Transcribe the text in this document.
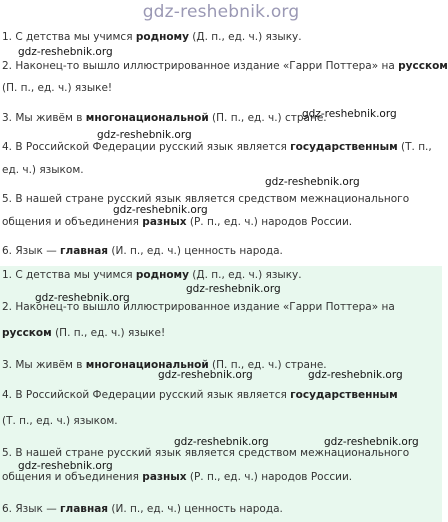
gdz-reshebnik.org

1. С детства мы учимся родному (Д. п., ед. ч.) языку.

2. Наконец-то вышло иллюстрированное издание «Гарри Поттера» на русском

(П. п., ед. ч.) языке!

3. Мы живём в многонациональной (П. п., ед. ч.) стране.

4. В Российской Федерации русский язык является государственным (Т. п.,

ед. ч.) языком.

5. В нашей стране русский язык является средством межнационального

общения и объединения разных (Р. п., ед. ч.) народов России.

6. Язык — главная (И. п., ед. ч.) ценность народа.

1. С детства мы учимся родному (Д. п., ед. ч.) языку.

2. Наконец-то вышло иллюстрированное издание «Гарри Поттера» на

русском (П. п., ед. ч.) языке!

3. Мы живём в многонациональной (П. п., ед. ч.) стране.

4. В Российской Федерации русский язык является государственным

(Т. п., ед. ч.) языком.

5. В нашей стране русский язык является средством межнационального

общения и объединения разных (Р. п., ед. ч.) народов России.

6. Язык — главная (И. п., ед. ч.) ценность народа.

gdz-reshebnik.org
gdz-reshebnik.org
gdz-reshebnik.org
gdz-reshebnik.org
gdz-reshebnik.org
gdz-reshebnik.org
gdz-reshebnik.org
gdz-reshebnik.org	gdz-reshebnik.org
gdz-reshebnik.org	gdz-reshebnik.org
gdz-reshebnik.org
